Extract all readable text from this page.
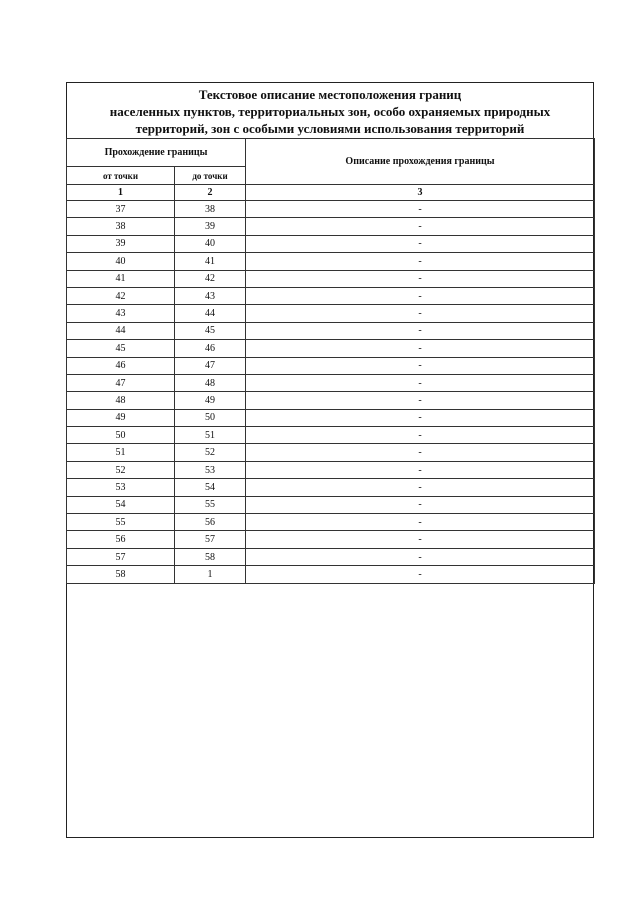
Текстовое описание местоположения границ
населенных пунктов, территориальных зон, особо охраняемых природных
территорий, зон с особыми условиями использования территорий
Прохождение границы		Описание прохождения границы
от точки	до точки	
1	2	3
37	38	-
38	39	-
39	40	-
40	41	-
41	42	-
42	43	-
43	44	-
44	45	-
45	46	-
46	47	-
47	48	-
48	49	-
49	50	-
50	51	-
51	52	-
52	53	-
53	54	-
54	55	-
55	56	-
56	57	-
57	58	-
58	1	-
